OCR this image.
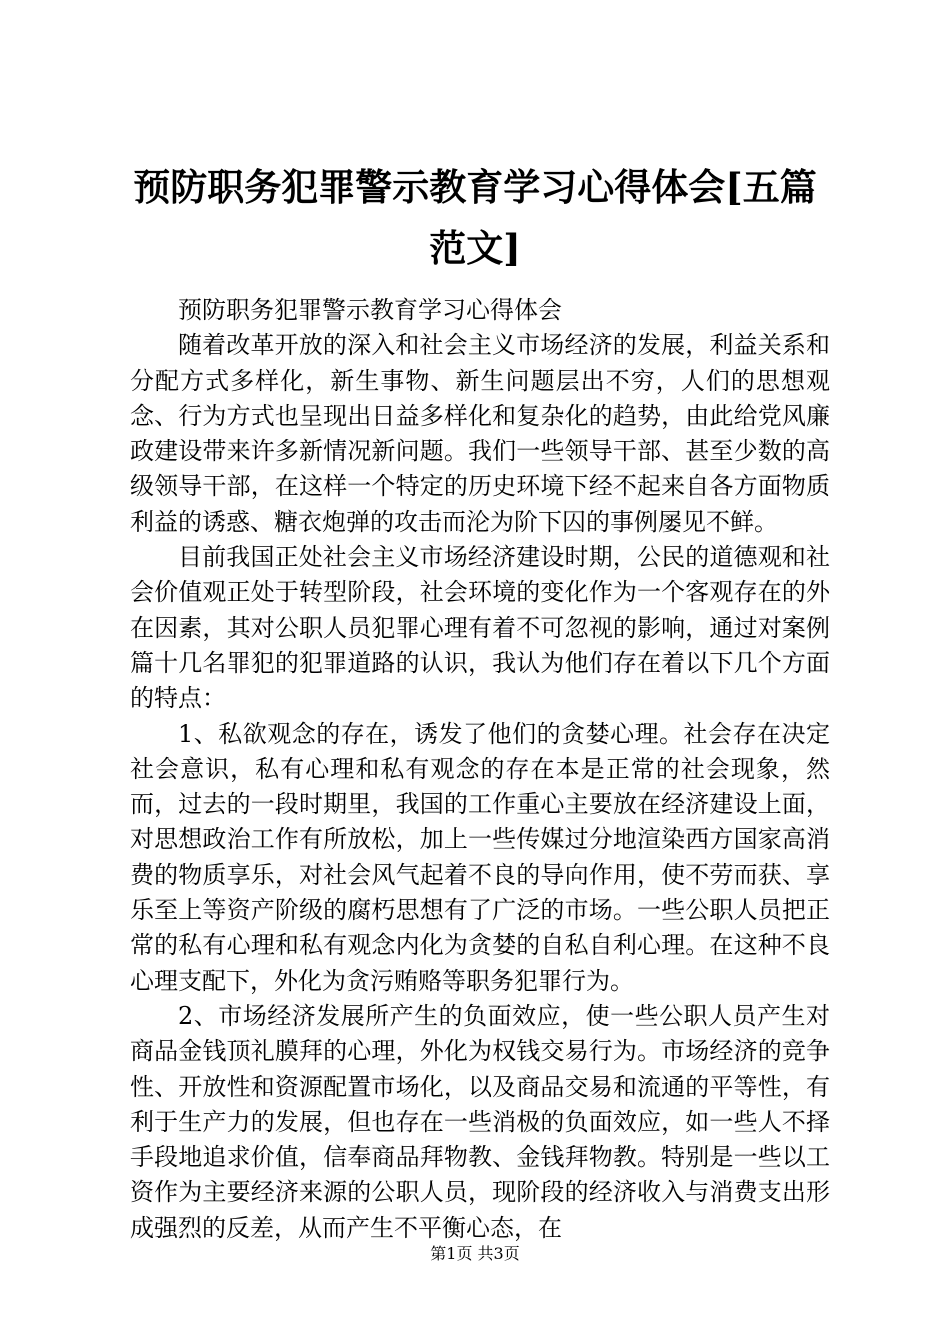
预防职务犯罪警示教育学习心得体会[五篇范文]

预防职务犯罪警示教育学习心得体会

随着改革开放的深入和社会主义市场经济的发展，利益关系和分配方式多样化，新生事物、新生问题层出不穷，人们的思想观念、行为方式也呈现出日益多样化和复杂化的趋势，由此给党风廉政建设带来许多新情况新问题。我们一些领导干部、甚至少数的高级领导干部，在这样一个特定的历史环境下经不起来自各方面物质利益的诱惑、糖衣炮弹的攻击而沦为阶下囚的事例屡见不鲜。

目前我国正处社会主义市场经济建设时期，公民的道德观和社会价值观正处于转型阶段，社会环境的变化作为一个客观存在的外在因素，其对公职人员犯罪心理有着不可忽视的影响，通过对案例篇十几名罪犯的犯罪道路的认识，我认为他们存在着以下几个方面的特点：

1、私欲观念的存在，诱发了他们的贪婪心理。社会存在决定社会意识，私有心理和私有观念的存在本是正常的社会现象，然而，过去的一段时期里，我国的工作重心主要放在经济建设上面，对思想政治工作有所放松，加上一些传媒过分地渲染西方国家高消费的物质享乐，对社会风气起着不良的导向作用，使不劳而获、享乐至上等资产阶级的腐朽思想有了广泛的市场。一些公职人员把正常的私有心理和私有观念内化为贪婪的自私自利心理。在这种不良心理支配下，外化为贪污贿赂等职务犯罪行为。

2、市场经济发展所产生的负面效应，使一些公职人员产生对商品金钱顶礼膜拜的心理，外化为权钱交易行为。市场经济的竞争性、开放性和资源配置市场化，以及商品交易和流通的平等性，有利于生产力的发展，但也存在一些消极的负面效应，如一些人不择手段地追求价值，信奉商品拜物教、金钱拜物教。特别是一些以工资作为主要经济来源的公职人员，现阶段的经济收入与消费支出形成强烈的反差，从而产生不平衡心态，在

第1页 共3页
